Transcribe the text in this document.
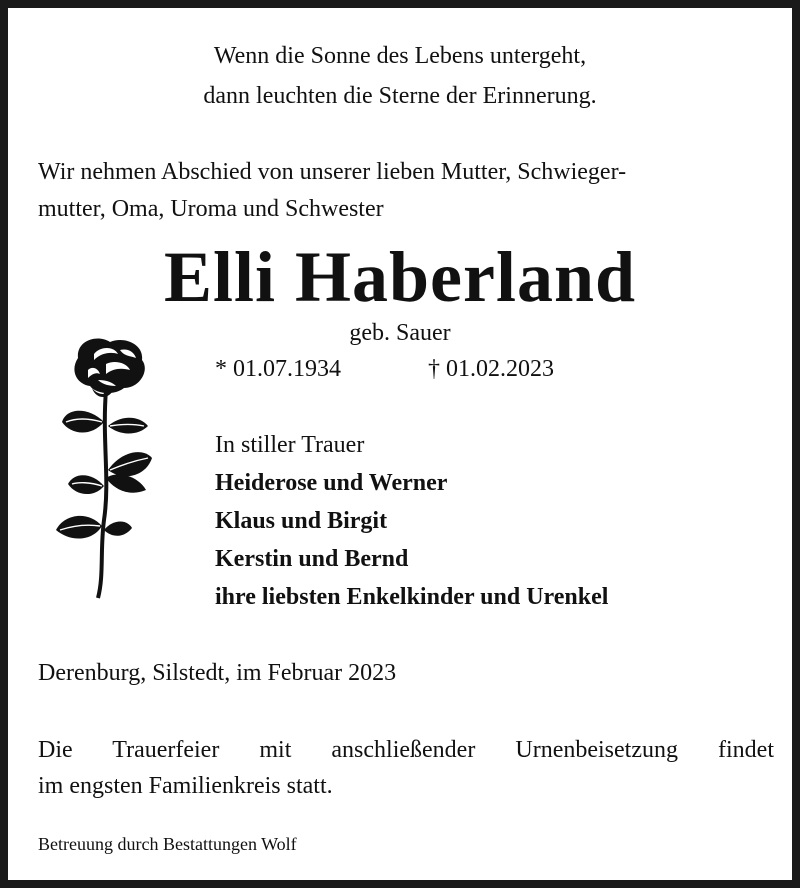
Wenn die Sonne des Lebens untergeht,
dann leuchten die Sterne der Erinnerung.
Wir nehmen Abschied von unserer lieben Mutter, Schwieger-
mutter, Oma, Uroma und Schwester
Elli Haberland
geb. Sauer
* 01.07.1934	† 01.02.2023
In stiller Trauer
Heiderose und Werner
Klaus und Birgit
Kerstin und Bernd
ihre liebsten Enkelkinder und Urenkel
Derenburg, Silstedt, im Februar 2023
Die Trauerfeier mit anschließender Urnenbeisetzung findet
im engsten Familienkreis statt.
Betreuung durch Bestattungen Wolf
